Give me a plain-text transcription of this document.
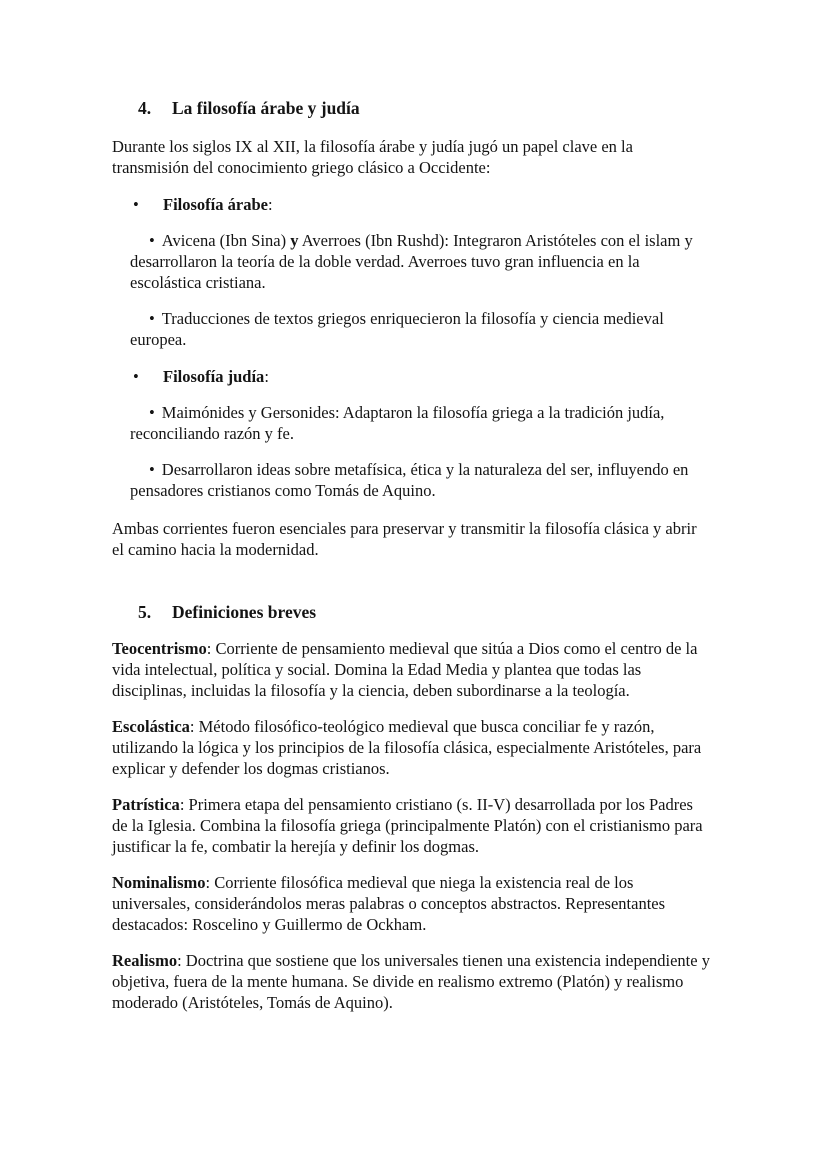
4. La filosofía árabe y judía

Durante los siglos IX al XII, la filosofía árabe y judía jugó un papel clave en la transmisión del conocimiento griego clásico a Occidente:

• Filosofía árabe:

• Avicena (Ibn Sina) y Averroes (Ibn Rushd): Integraron Aristóteles con el islam y desarrollaron la teoría de la doble verdad. Averroes tuvo gran influencia en la escolástica cristiana.

• Traducciones de textos griegos enriquecieron la filosofía y ciencia medieval europea.

• Filosofía judía:

• Maimónides y Gersonides: Adaptaron la filosofía griega a la tradición judía, reconciliando razón y fe.

• Desarrollaron ideas sobre metafísica, ética y la naturaleza del ser, influyendo en pensadores cristianos como Tomás de Aquino.

Ambas corrientes fueron esenciales para preservar y transmitir la filosofía clásica y abrir el camino hacia la modernidad.

5. Definiciones breves

Teocentrismo: Corriente de pensamiento medieval que sitúa a Dios como el centro de la vida intelectual, política y social. Domina la Edad Media y plantea que todas las disciplinas, incluidas la filosofía y la ciencia, deben subordinarse a la teología.

Escolástica: Método filosófico-teológico medieval que busca conciliar fe y razón, utilizando la lógica y los principios de la filosofía clásica, especialmente Aristóteles, para explicar y defender los dogmas cristianos.

Patrística: Primera etapa del pensamiento cristiano (s. II-V) desarrollada por los Padres de la Iglesia. Combina la filosofía griega (principalmente Platón) con el cristianismo para justificar la fe, combatir la herejía y definir los dogmas.

Nominalismo: Corriente filosófica medieval que niega la existencia real de los universales, considerándolos meras palabras o conceptos abstractos. Representantes destacados: Roscelino y Guillermo de Ockham.

Realismo: Doctrina que sostiene que los universales tienen una existencia independiente y objetiva, fuera de la mente humana. Se divide en realismo extremo (Platón) y realismo moderado (Aristóteles, Tomás de Aquino).
